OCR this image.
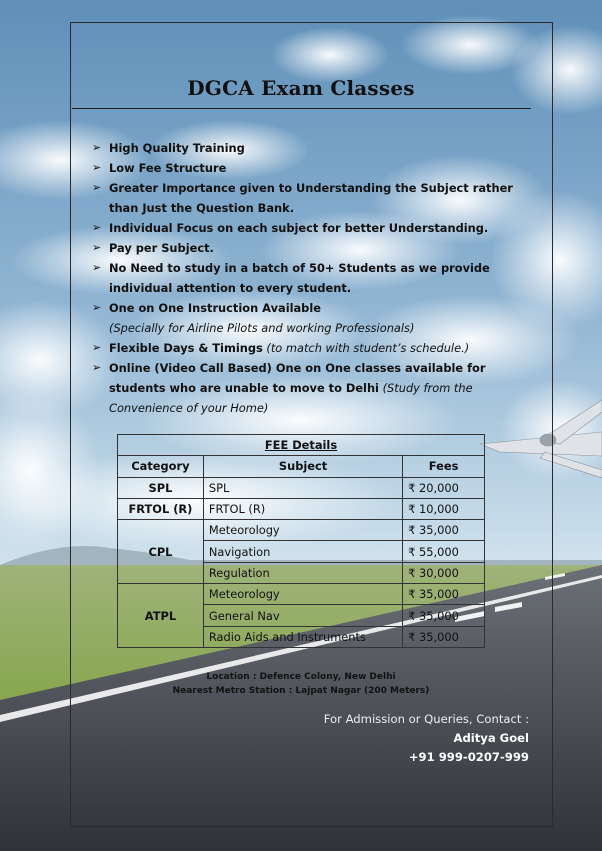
DGCA Exam Classes
➢ High Quality Training
➢ Low Fee Structure
➢ Greater Importance given to Understanding the Subject rather than Just the Question Bank.
➢ Individual Focus on each subject for better Understanding.
➢ Pay per Subject.
➢ No Need to study in a batch of 50+ Students as we provide individual attention to every student.
➢ One on One Instruction Available
(Specially for Airline Pilots and working Professionals)
➢ Flexible Days & Timings (to match with student’s schedule.)
➢ Online (Video Call Based) One on One classes available for students who are unable to move to Delhi (Study from the Convenience of your Home)
FEE Details		
Category	Subject	Fees
SPL	SPL	₹ 20,000
FRTOL (R)	FRTOL (R)	₹ 10,000
CPL	Meteorology	₹ 35,000
	Navigation	₹ 55,000
	Regulation	₹ 30,000
ATPL	Meteorology	₹ 35,000
	General Nav	₹ 35,000
	Radio Aids and Instruments	₹ 35,000
Location : Defence Colony, New Delhi
Nearest Metro Station : Lajpat Nagar (200 Meters)
For Admission or Queries, Contact :
Aditya Goel
+91 999-0207-999
